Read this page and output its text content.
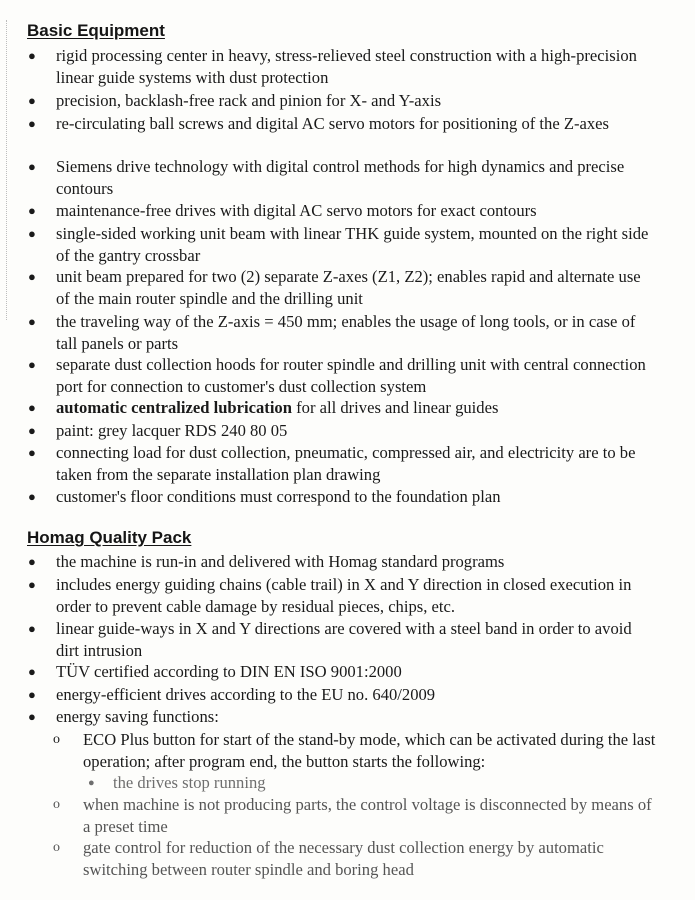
Basic Equipment
● rigid processing center in heavy, stress-relieved steel construction with a high-precision linear guide systems with dust protection
● precision, backlash-free rack and pinion for X- and Y-axis
● re-circulating ball screws and digital AC servo motors for positioning of the Z-axes
● Siemens drive technology with digital control methods for high dynamics and precise contours
● maintenance-free drives with digital AC servo motors for exact contours
● single-sided working unit beam with linear THK guide system, mounted on the right side of the gantry crossbar
● unit beam prepared for two (2) separate Z-axes (Z1, Z2); enables rapid and alternate use of the main router spindle and the drilling unit
● the traveling way of the Z-axis = 450 mm; enables the usage of long tools, or in case of tall panels or parts
● separate dust collection hoods for router spindle and drilling unit with central connection port for connection to customer's dust collection system
● automatic centralized lubrication for all drives and linear guides
● paint: grey lacquer RDS 240 80 05
● connecting load for dust collection, pneumatic, compressed air, and electricity are to be taken from the separate installation plan drawing
● customer's floor conditions must correspond to the foundation plan
Homag Quality Pack
● the machine is run-in and delivered with Homag standard programs
● includes energy guiding chains (cable trail) in X and Y direction in closed execution in order to prevent cable damage by residual pieces, chips, etc.
● linear guide-ways in X and Y directions are covered with a steel band in order to avoid dirt intrusion
● TÜV certified according to DIN EN ISO 9001:2000
● energy-efficient drives according to the EU no. 640/2009
● energy saving functions:
o ECO Plus button for start of the stand-by mode, which can be activated during the last operation; after program end, the button starts the following:
● the drives stop running
o when machine is not producing parts, the control voltage is disconnected by means of a preset time
o gate control for reduction of the necessary dust collection energy by automatic switching between router spindle and boring head
